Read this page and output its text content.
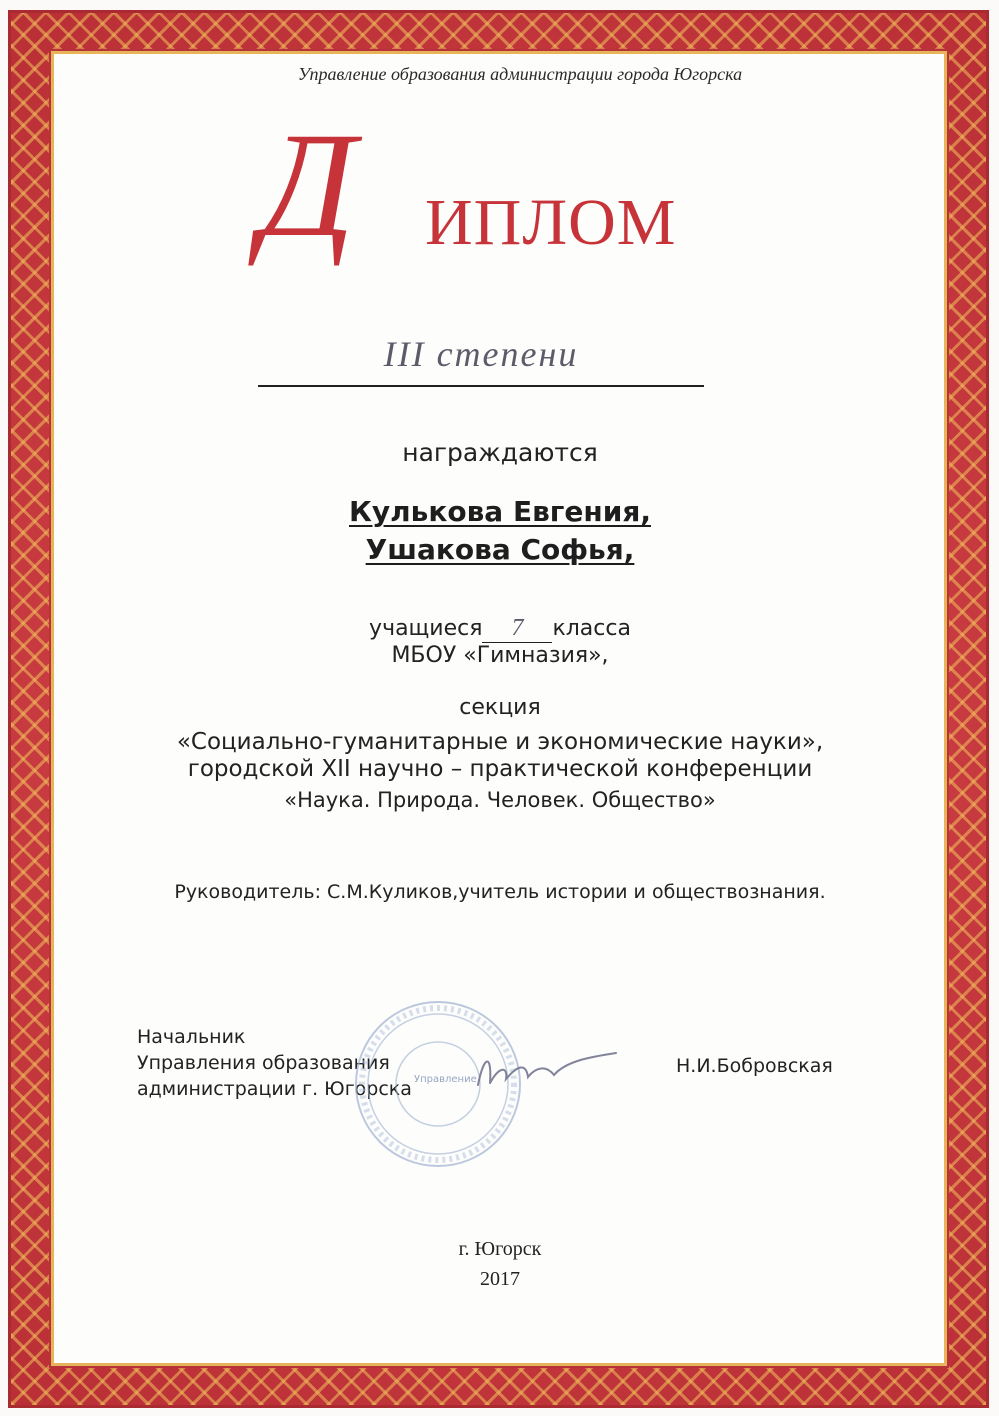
Управление образования администрации города Югорска
Д ИПЛОМ
III степени
награждаются
Кулькова Евгения,
Ушакова Софья,
учащиеся 7 класса
МБОУ «Гимназия»,
секция
«Социально-гуманитарные и экономические науки»,
городской XII научно – практической конференции
«Наука. Природа. Человек. Общество»
Руководитель: С.М.Куликов,учитель истории и обществознания.
Начальник
Управления образования
администрации г. Югорска Управление
Н.И.Бобровская
г. Югорск
2017
